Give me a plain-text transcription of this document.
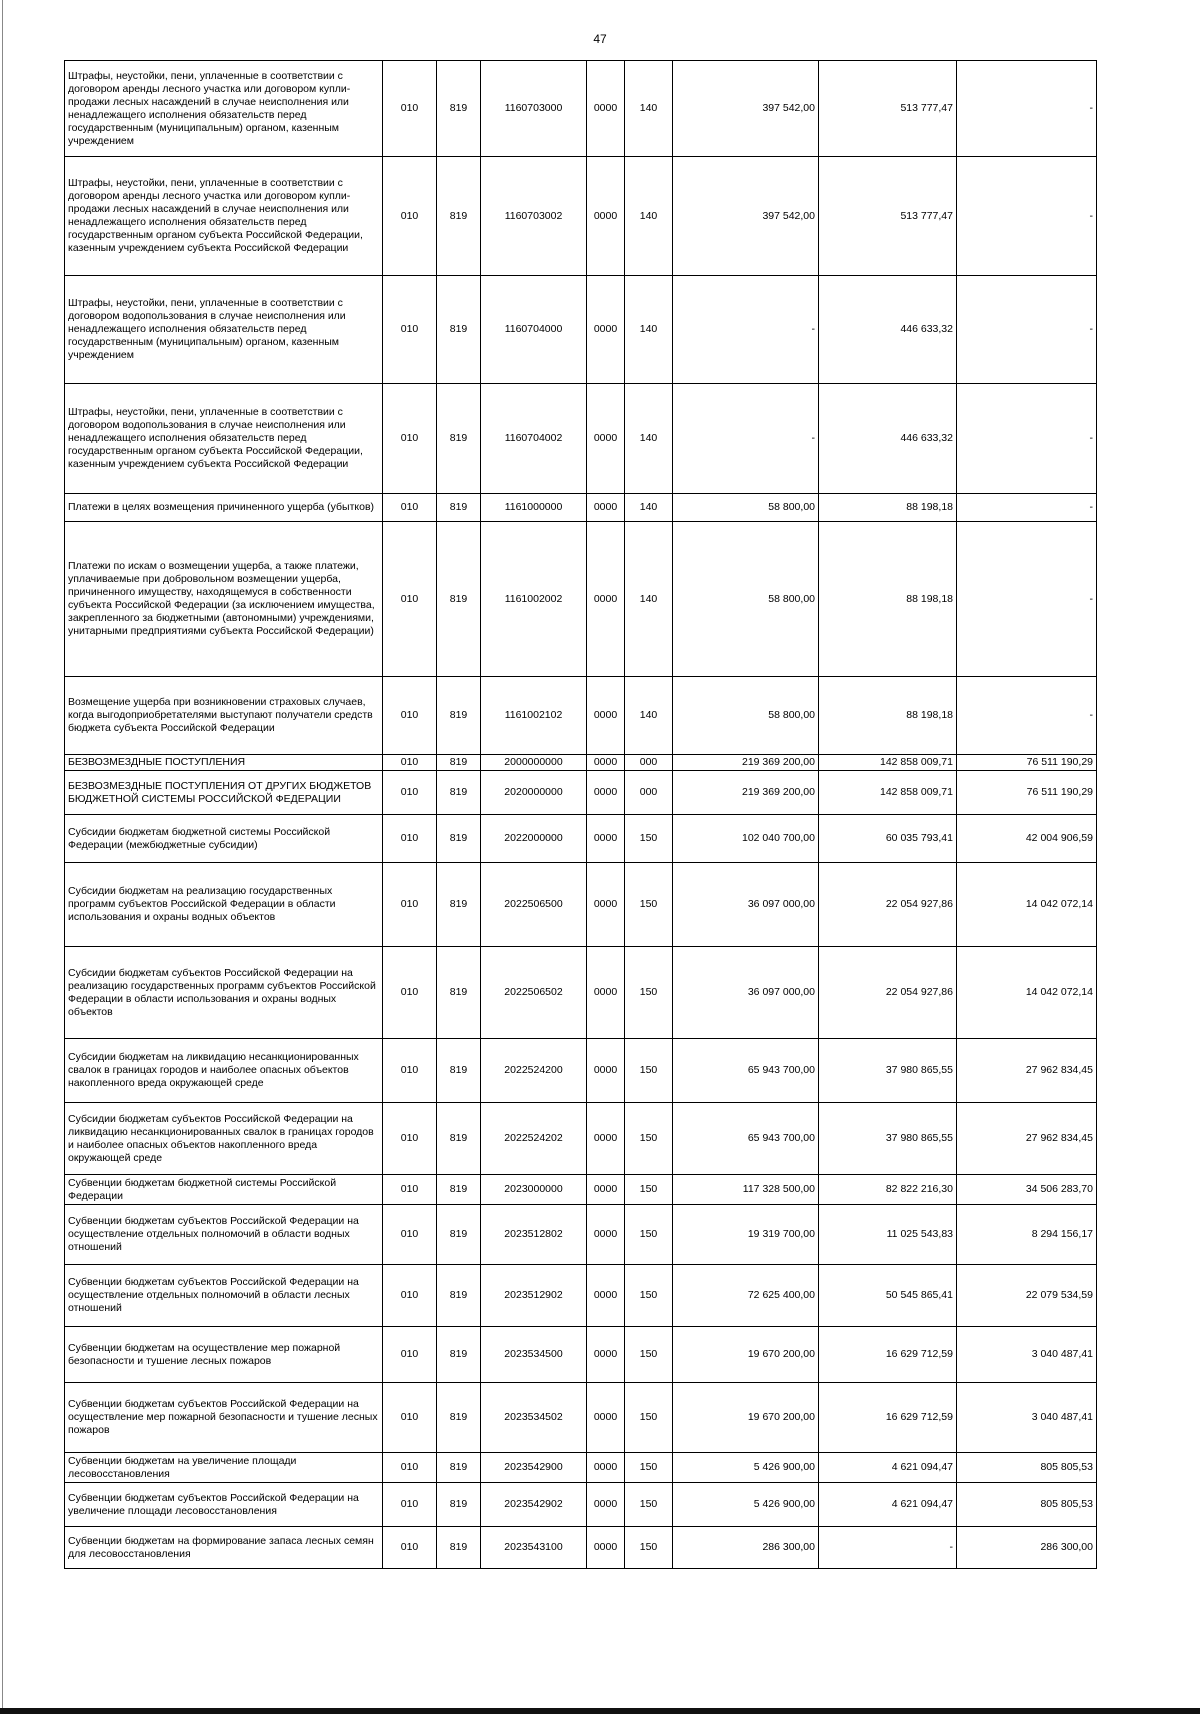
47
Штрафы, неустойки, пени, уплаченные в соответствии с договором аренды лесного участка или договором купли-продажи лесных насаждений в случае неисполнения или ненадлежащего исполнения обязательств перед государственным (муниципальным) органом, казенным учреждением	010	819	1160703000	0000	140	397 542,00	513 777,47	-
Штрафы, неустойки, пени, уплаченные в соответствии с договором аренды лесного участка или договором купли-продажи лесных насаждений в случае неисполнения или ненадлежащего исполнения обязательств перед государственным органом субъекта Российской Федерации, казенным учреждением субъекта Российской Федерации	010	819	1160703002	0000	140	397 542,00	513 777,47	-
Штрафы, неустойки, пени, уплаченные в соответствии с договором водопользования в случае неисполнения или ненадлежащего исполнения обязательств перед государственным (муниципальным) органом, казенным учреждением	010	819	1160704000	0000	140	-	446 633,32	-
Штрафы, неустойки, пени, уплаченные в соответствии с договором водопользования в случае неисполнения или ненадлежащего исполнения обязательств перед государственным органом субъекта Российской Федерации, казенным учреждением субъекта Российской Федерации	010	819	1160704002	0000	140	-	446 633,32	-
Платежи в целях возмещения причиненного ущерба (убытков)	010	819	1161000000	0000	140	58 800,00	88 198,18	-
Платежи по искам о возмещении ущерба, а также платежи, уплачиваемые при добровольном возмещении ущерба, причиненного имуществу, находящемуся в собственности субъекта Российской Федерации (за исключением имущества, закрепленного за бюджетными (автономными) учреждениями, унитарными предприятиями субъекта Российской Федерации)	010	819	1161002002	0000	140	58 800,00	88 198,18	-
Возмещение ущерба при возникновении страховых случаев, когда выгодоприобретателями выступают получатели средств бюджета субъекта Российской Федерации	010	819	1161002102	0000	140	58 800,00	88 198,18	-
БЕЗВОЗМЕЗДНЫЕ ПОСТУПЛЕНИЯ	010	819	2000000000	0000	000	219 369 200,00	142 858 009,71	76 511 190,29
БЕЗВОЗМЕЗДНЫЕ ПОСТУПЛЕНИЯ ОТ ДРУГИХ БЮДЖЕТОВ БЮДЖЕТНОЙ СИСТЕМЫ РОССИЙСКОЙ ФЕДЕРАЦИИ	010	819	2020000000	0000	000	219 369 200,00	142 858 009,71	76 511 190,29
Субсидии бюджетам бюджетной системы Российской Федерации (межбюджетные субсидии)	010	819	2022000000	0000	150	102 040 700,00	60 035 793,41	42 004 906,59
Субсидии бюджетам на реализацию государственных программ субъектов Российской Федерации в области использования и охраны водных объектов	010	819	2022506500	0000	150	36 097 000,00	22 054 927,86	14 042 072,14
Субсидии бюджетам субъектов Российской Федерации на реализацию государственных программ субъектов Российской Федерации в области использования и охраны водных объектов	010	819	2022506502	0000	150	36 097 000,00	22 054 927,86	14 042 072,14
Субсидии бюджетам на ликвидацию несанкционированных свалок в границах городов и наиболее опасных объектов накопленного вреда окружающей среде	010	819	2022524200	0000	150	65 943 700,00	37 980 865,55	27 962 834,45
Субсидии бюджетам субъектов Российской Федерации на ликвидацию несанкционированных свалок в границах городов и наиболее опасных объектов накопленного вреда окружающей среде	010	819	2022524202	0000	150	65 943 700,00	37 980 865,55	27 962 834,45
Субвенции бюджетам бюджетной системы Российской Федерации	010	819	2023000000	0000	150	117 328 500,00	82 822 216,30	34 506 283,70
Субвенции бюджетам субъектов Российской Федерации на осуществление отдельных полномочий в области водных отношений	010	819	2023512802	0000	150	19 319 700,00	11 025 543,83	8 294 156,17
Субвенции бюджетам субъектов Российской Федерации на осуществление отдельных полномочий в области лесных отношений	010	819	2023512902	0000	150	72 625 400,00	50 545 865,41	22 079 534,59
Субвенции бюджетам на осуществление мер пожарной безопасности и тушение лесных пожаров	010	819	2023534500	0000	150	19 670 200,00	16 629 712,59	3 040 487,41
Субвенции бюджетам субъектов Российской Федерации на осуществление мер пожарной безопасности и тушение лесных пожаров	010	819	2023534502	0000	150	19 670 200,00	16 629 712,59	3 040 487,41
Субвенции бюджетам на увеличение площади лесовосстановления	010	819	2023542900	0000	150	5 426 900,00	4 621 094,47	805 805,53
Субвенции бюджетам субъектов Российской Федерации на увеличение площади лесовосстановления	010	819	2023542902	0000	150	5 426 900,00	4 621 094,47	805 805,53
Субвенции бюджетам на формирование запаса лесных семян для лесовосстановления	010	819	2023543100	0000	150	286 300,00	-	286 300,00
